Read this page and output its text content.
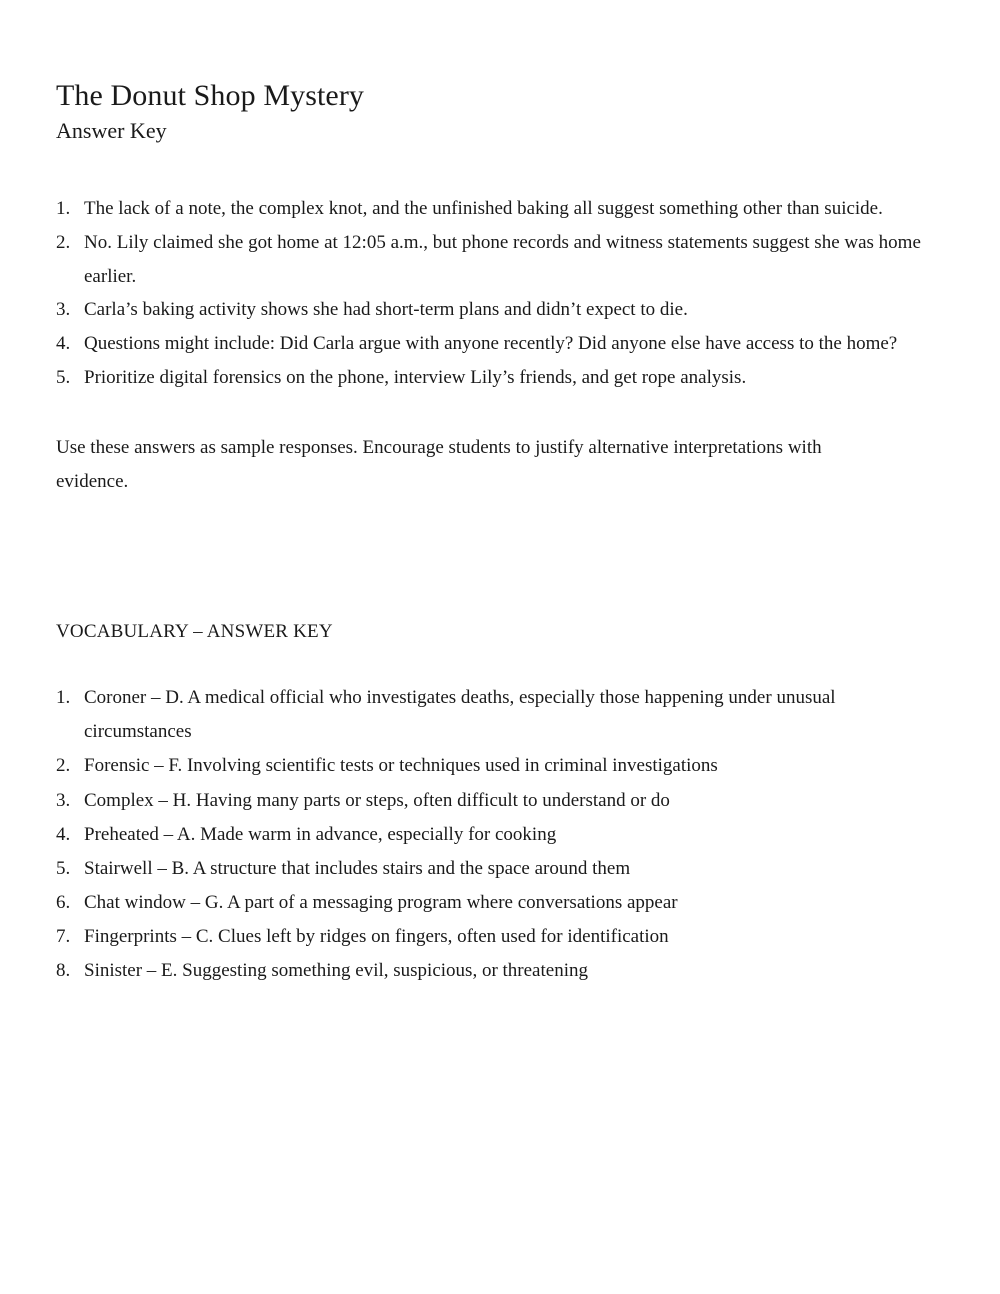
The Donut Shop Mystery
Answer Key
1. The lack of a note, the complex knot, and the unfinished baking all suggest something other than suicide.
2. No. Lily claimed she got home at 12:05 a.m., but phone records and witness statements suggest she was home earlier.
3. Carla’s baking activity shows she had short-term plans and didn’t expect to die.
4. Questions might include: Did Carla argue with anyone recently? Did anyone else have access to the home?
5. Prioritize digital forensics on the phone, interview Lily’s friends, and get rope analysis.

Use these answers as sample responses. Encourage students to justify alternative interpretations with evidence.

VOCABULARY – ANSWER KEY
1. Coroner – D. A medical official who investigates deaths, especially those happening under unusual circumstances
2. Forensic – F. Involving scientific tests or techniques used in criminal investigations
3. Complex – H. Having many parts or steps, often difficult to understand or do
4. Preheated – A. Made warm in advance, especially for cooking
5. Stairwell – B. A structure that includes stairs and the space around them
6. Chat window – G. A part of a messaging program where conversations appear
7. Fingerprints – C. Clues left by ridges on fingers, often used for identification
8. Sinister – E. Suggesting something evil, suspicious, or threatening
